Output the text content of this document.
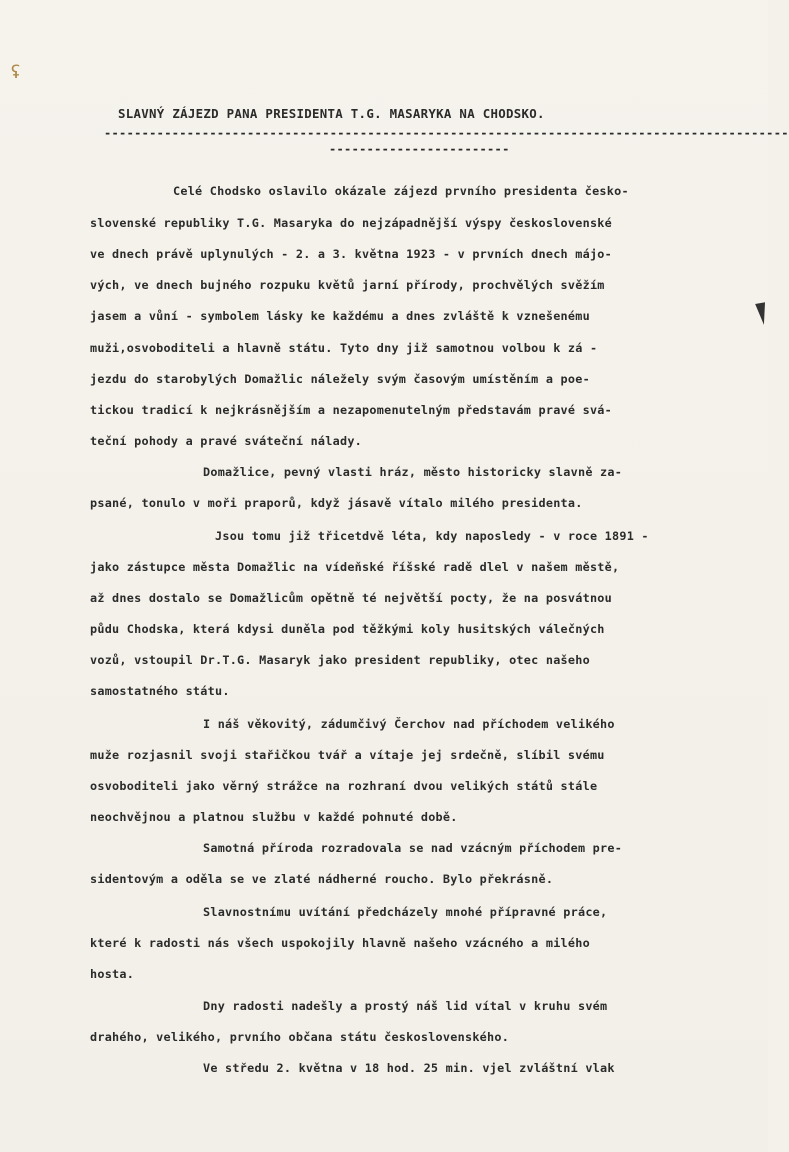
ʢ
SLAVNÝ ZÁJEZD PANA PRESIDENTA T.G. MASARYKA NA CHODSKO.
-------------------------------------------------------------------------------------------
------------------------
Celé Chodsko oslavilo okázale zájezd prvního presidenta česko-
slovenské republiky T.G. Masaryka do nejzápadnější výspy československé
ve dnech právě uplynulých - 2. a 3. května 1923 - v prvních dnech májo-
vých, ve dnech bujného rozpuku květů jarní přírody, prochvělých svěžím
jasem a vůní - symbolem lásky ke každému a dnes zvláště k vznešenému
muži,osvoboditeli a hlavně státu. Tyto dny již samotnou volbou k zá -
jezdu do starobylých Domažlic náležely svým časovým umístěním a poe-
tickou tradicí k nejkrásnějším a nezapomenutelným představám pravé svá-
teční pohody a pravé sváteční nálady.
Domažlice, pevný vlasti hráz, město historicky slavně za-
psané, tonulo v moři praporů, když jásavě vítalo milého presidenta.
Jsou tomu již třicetdvě léta, kdy naposledy - v roce 1891 -
jako zástupce města Domažlic na vídeňské říšské radě dlel v našem městě,
až dnes dostalo se Domažlicům opětně té největší pocty, že na posvátnou
půdu Chodska, která kdysi duněla pod těžkými koly husitských válečných
vozů, vstoupil Dr.T.G. Masaryk jako president republiky, otec našeho
samostatného státu.
I náš věkovitý, zádumčivý Čerchov nad příchodem velikého
muže rozjasnil svoji stařičkou tvář a vítaje jej srdečně, slíbil svému
osvoboditeli jako věrný strážce na rozhraní dvou velikých států stále
neochvějnou a platnou službu v každé pohnuté době.
Samotná příroda rozradovala se nad vzácným příchodem pre-
sidentovým a oděla se ve zlaté nádherné roucho. Bylo překrásně.
Slavnostnímu uvítání předcházely mnohé přípravné práce,
které k radosti nás všech uspokojily hlavně našeho vzácného a milého
hosta.
Dny radosti nadešly a prostý náš lid vítal v kruhu svém
drahého, velikého, prvního občana státu československého.
Ve středu 2. května v 18 hod. 25 min. vjel zvláštní vlak
